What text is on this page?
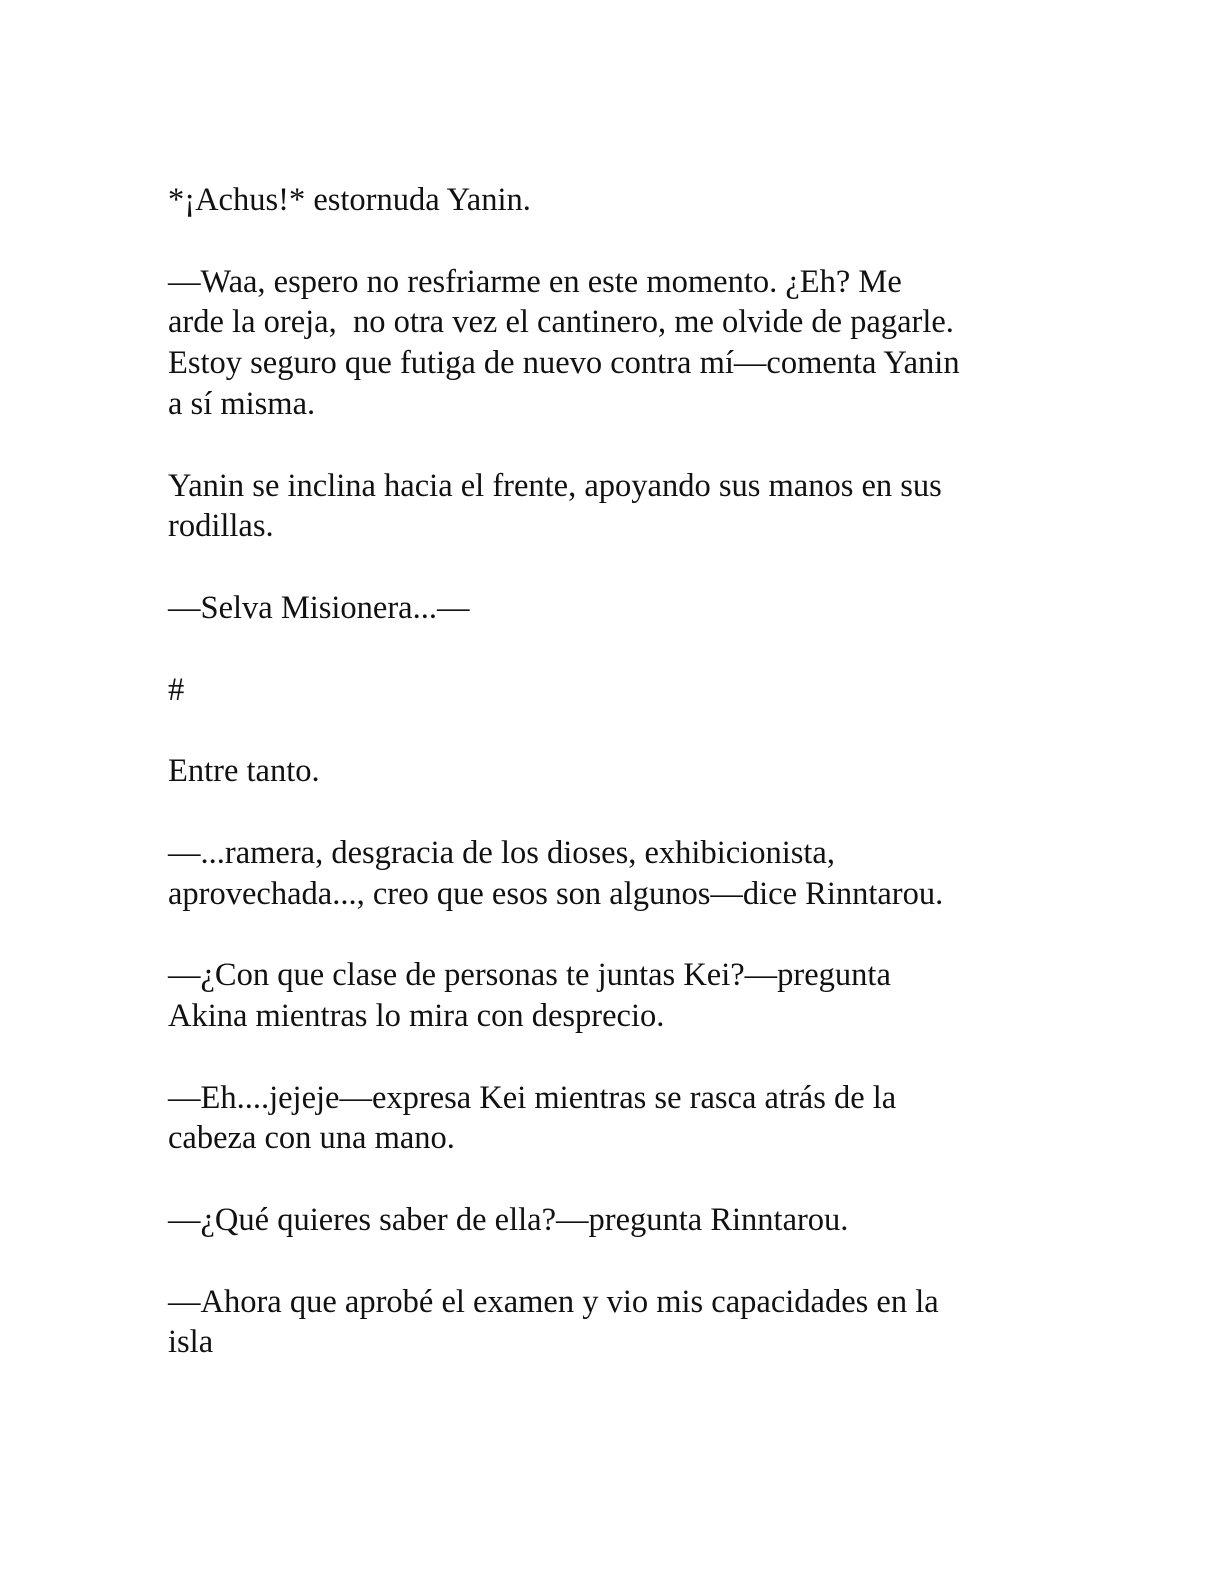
*¡Achus!* estornuda Yanin.

—Waa, espero no resfriarme en este momento. ¿Eh? Me
arde la oreja,  no otra vez el cantinero, me olvide de pagarle.
Estoy seguro que futiga de nuevo contra mí—comenta Yanin
a sí misma.

Yanin se inclina hacia el frente, apoyando sus manos en sus
rodillas.

—Selva Misionera...—

#

Entre tanto.

—...ramera, desgracia de los dioses, exhibicionista,
aprovechada..., creo que esos son algunos—dice Rinntarou.

—¿Con que clase de personas te juntas Kei?—pregunta
Akina mientras lo mira con desprecio.

—Eh....jejeje—expresa Kei mientras se rasca atrás de la
cabeza con una mano.

—¿Qué quieres saber de ella?—pregunta Rinntarou.

—Ahora que aprobé el examen y vio mis capacidades en la
isla
